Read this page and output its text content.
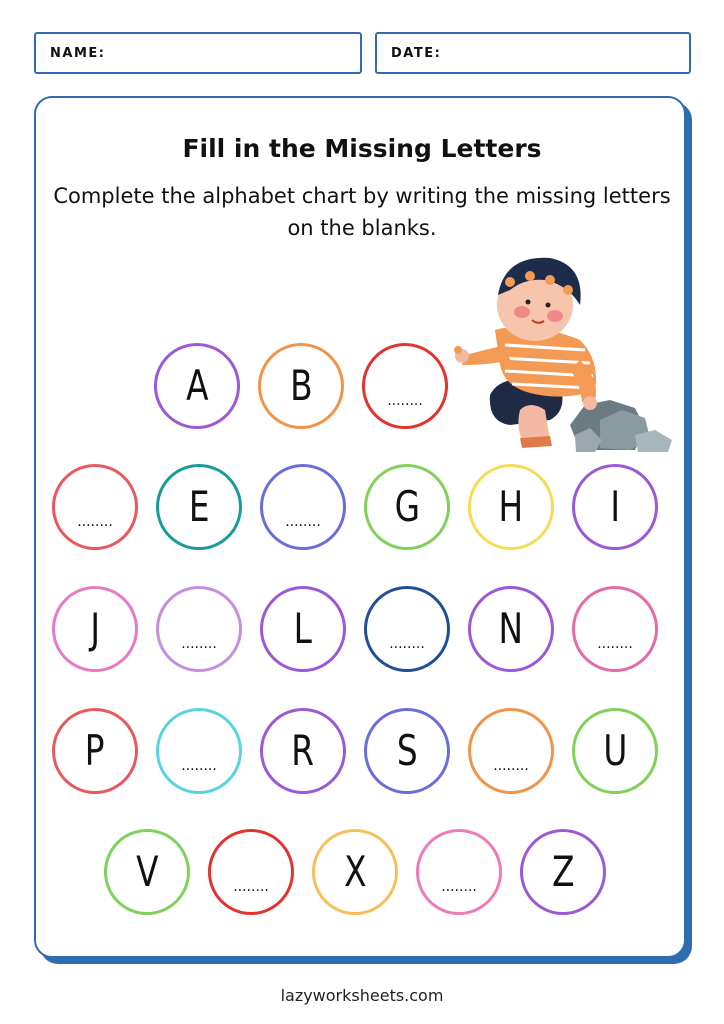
NAME:	DATE:
Fill in the Missing Letters
Complete the alphabet chart by writing the missing letters on the blanks.
A B	........
........ E	........ G H I
J	........ L	........ N	........
P	........ R S	........ U
V	........ X	........ Z
lazyworksheets.com
